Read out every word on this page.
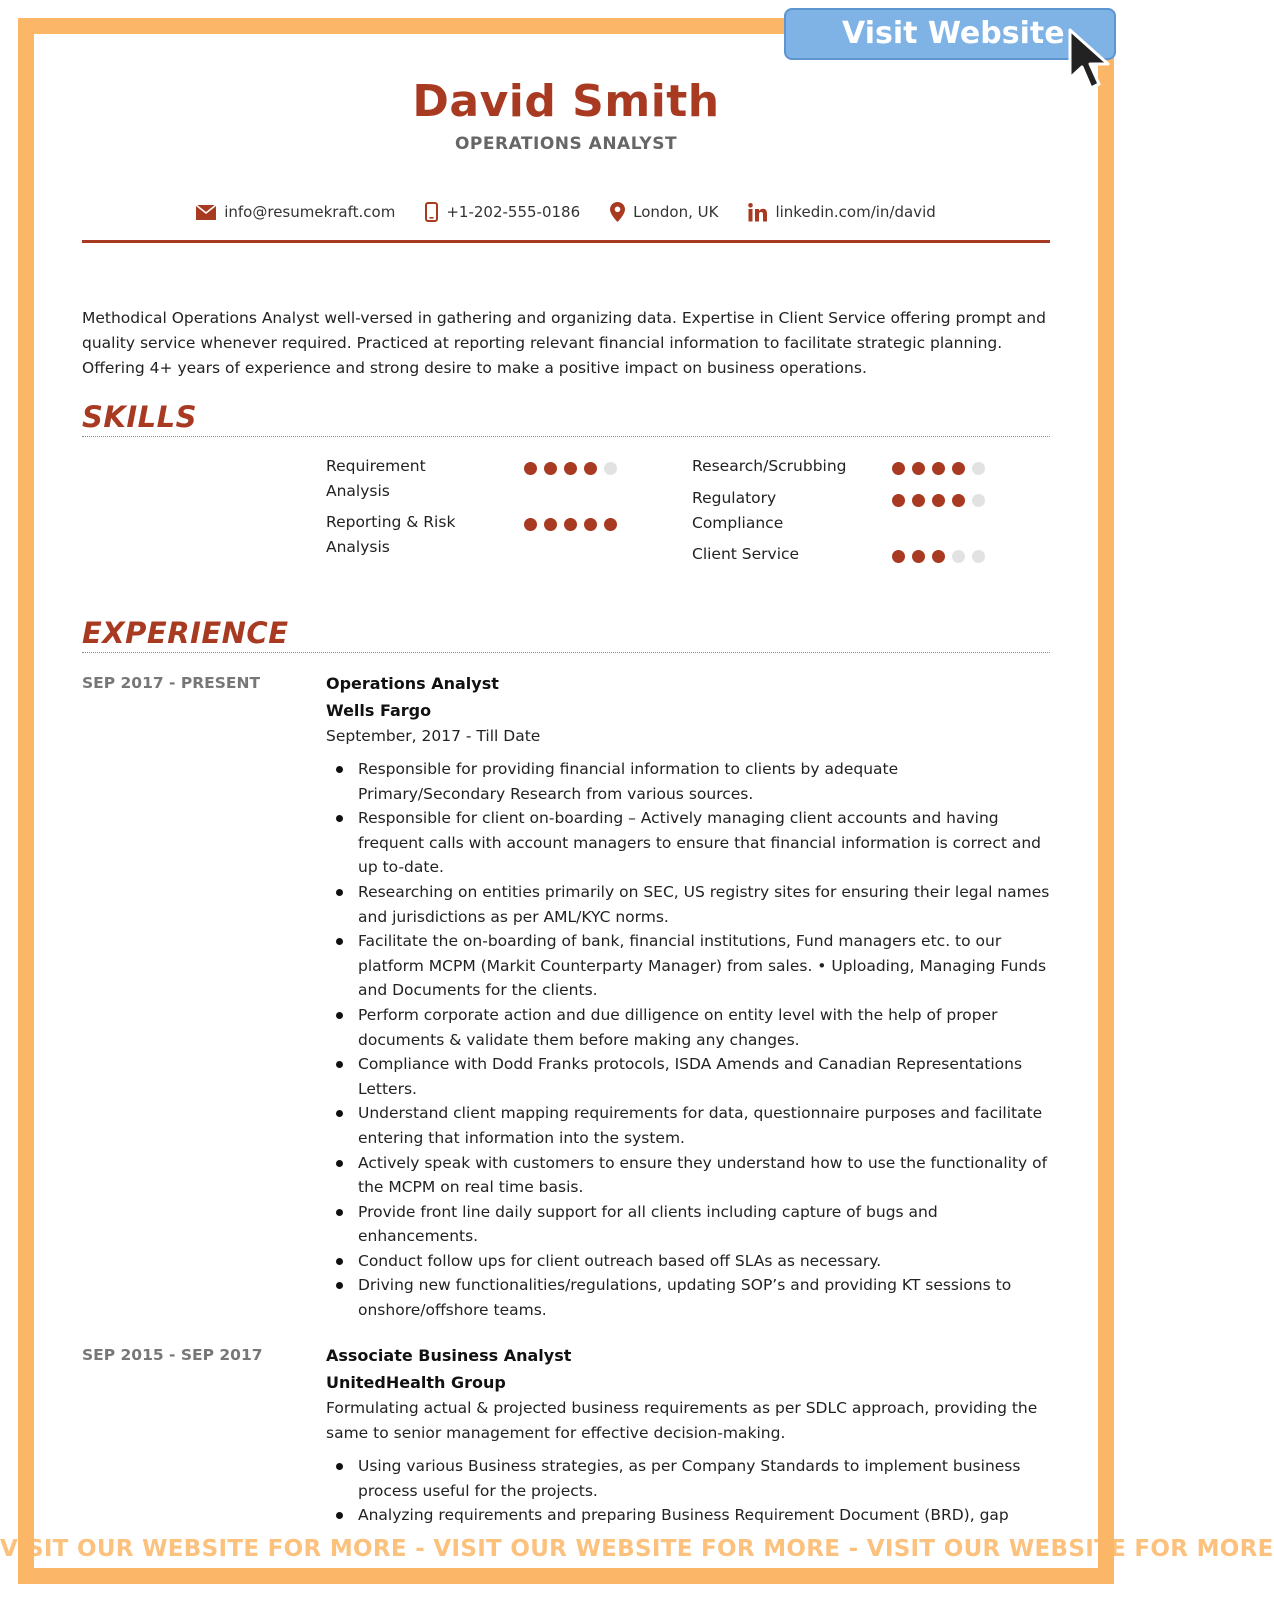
David Smith
OPERATIONS ANALYST
info@resumekraft.com	+1-202-555-0186	London, UK	linkedin.com/in/david
Methodical Operations Analyst well-versed in gathering and organizing data. Expertise in Client Service offering prompt and quality service whenever required. Practiced at reporting relevant financial information to facilitate strategic planning. Offering 4+ years of experience and strong desire to make a positive impact on business operations.
SKILLS
Requirement Analysis
Reporting & Risk Analysis
Research/Scrubbing
Regulatory Compliance
Client Service
EXPERIENCE
SEP 2017 - PRESENT	Operations Analyst
Wells Fargo
September, 2017 - Till Date
Responsible for providing financial information to clients by adequate Primary/Secondary Research from various sources.
Responsible for client on-boarding – Actively managing client accounts and having frequent calls with account managers to ensure that financial information is correct and up to-date.
Researching on entities primarily on SEC, US registry sites for ensuring their legal names and jurisdictions as per AML/KYC norms.
Facilitate the on-boarding of bank, financial institutions, Fund managers etc. to our platform MCPM (Markit Counterparty Manager) from sales. • Uploading, Managing Funds and Documents for the clients.
Perform corporate action and due dilligence on entity level with the help of proper documents & validate them before making any changes.
Compliance with Dodd Franks protocols, ISDA Amends and Canadian Representations Letters.
Understand client mapping requirements for data, questionnaire purposes and facilitate entering that information into the system.
Actively speak with customers to ensure they understand how to use the functionality of the MCPM on real time basis.
Provide front line daily support for all clients including capture of bugs and enhancements.
Conduct follow ups for client outreach based off SLAs as necessary.
Driving new functionalities/regulations, updating SOP’s and providing KT sessions to onshore/offshore teams.
SEP 2015 - SEP 2017	Associate Business Analyst
UnitedHealth Group
Formulating actual & projected business requirements as per SDLC approach, providing the same to senior management for effective decision-making.
Using various Business strategies, as per Company Standards to implement business process useful for the projects.
Analyzing requirements and preparing Business Requirement Document (BRD), gap
Visit Website
VISIT OUR WEBSITE FOR MORE - VISIT OUR WEBSITE FOR MORE - VISIT OUR WEBSITE FOR MORE
